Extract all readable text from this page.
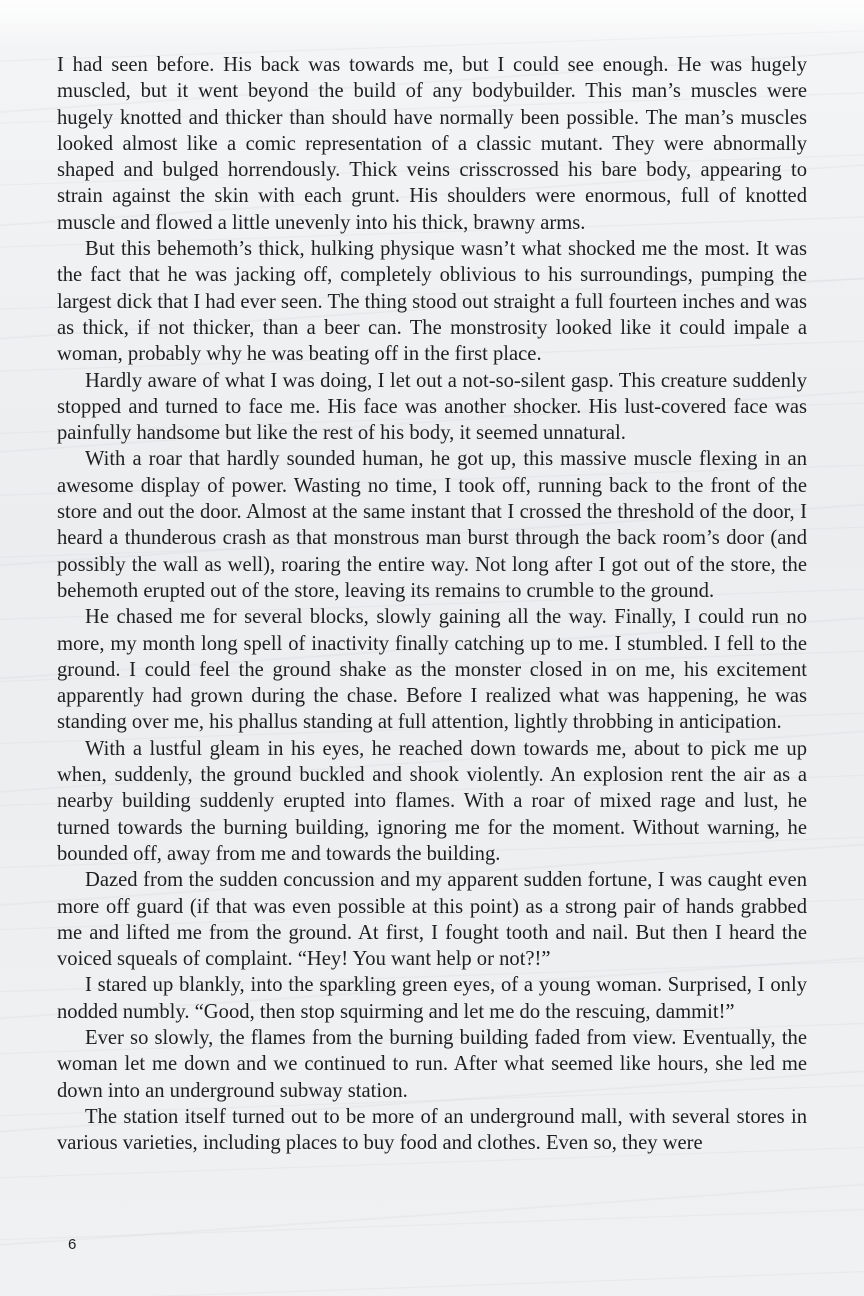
I had seen before. His back was towards me, but I could see enough. He was hugely muscled, but it went beyond the build of any bodybuilder. This man’s muscles were hugely knotted and thicker than should have normally been possible. The man’s muscles looked almost like a comic representation of a classic mutant. They were abnormally shaped and bulged horrendously. Thick veins crisscrossed his bare body, appearing to strain against the skin with each grunt. His shoulders were enormous, full of knotted muscle and flowed a little unevenly into his thick, brawny arms.

But this behemoth’s thick, hulking physique wasn’t what shocked me the most. It was the fact that he was jacking off, completely oblivious to his surroundings, pumping the largest dick that I had ever seen. The thing stood out straight a full fourteen inches and was as thick, if not thicker, than a beer can. The monstrosity looked like it could impale a woman, probably why he was beating off in the first place.

Hardly aware of what I was doing, I let out a not-so-silent gasp. This creature suddenly stopped and turned to face me. His face was another shocker. His lust-covered face was painfully handsome but like the rest of his body, it seemed unnatural.

With a roar that hardly sounded human, he got up, this massive muscle flexing in an awesome display of power. Wasting no time, I took off, running back to the front of the store and out the door. Almost at the same instant that I crossed the threshold of the door, I heard a thunderous crash as that monstrous man burst through the back room’s door (and possibly the wall as well), roaring the entire way. Not long after I got out of the store, the behemoth erupted out of the store, leaving its remains to crumble to the ground.

He chased me for several blocks, slowly gaining all the way. Finally, I could run no more, my month long spell of inactivity finally catching up to me. I stumbled. I fell to the ground. I could feel the ground shake as the monster closed in on me, his excitement apparently had grown during the chase. Before I realized what was happening, he was standing over me, his phallus standing at full attention, lightly throbbing in anticipation.

With a lustful gleam in his eyes, he reached down towards me, about to pick me up when, suddenly, the ground buckled and shook violently. An explosion rent the air as a nearby building suddenly erupted into flames. With a roar of mixed rage and lust, he turned towards the burning building, ignoring me for the moment. Without warning, he bounded off, away from me and towards the building.

Dazed from the sudden concussion and my apparent sudden fortune, I was caught even more off guard (if that was even possible at this point) as a strong pair of hands grabbed me and lifted me from the ground. At first, I fought tooth and nail. But then I heard the voiced squeals of complaint. “Hey! You want help or not?!”

I stared up blankly, into the sparkling green eyes, of a young woman. Surprised, I only nodded numbly. “Good, then stop squirming and let me do the rescuing, dammit!”

Ever so slowly, the flames from the burning building faded from view. Eventually, the woman let me down and we continued to run. After what seemed like hours, she led me down into an underground subway station.

The station itself turned out to be more of an underground mall, with several stores in various varieties, including places to buy food and clothes. Even so, they were

6
